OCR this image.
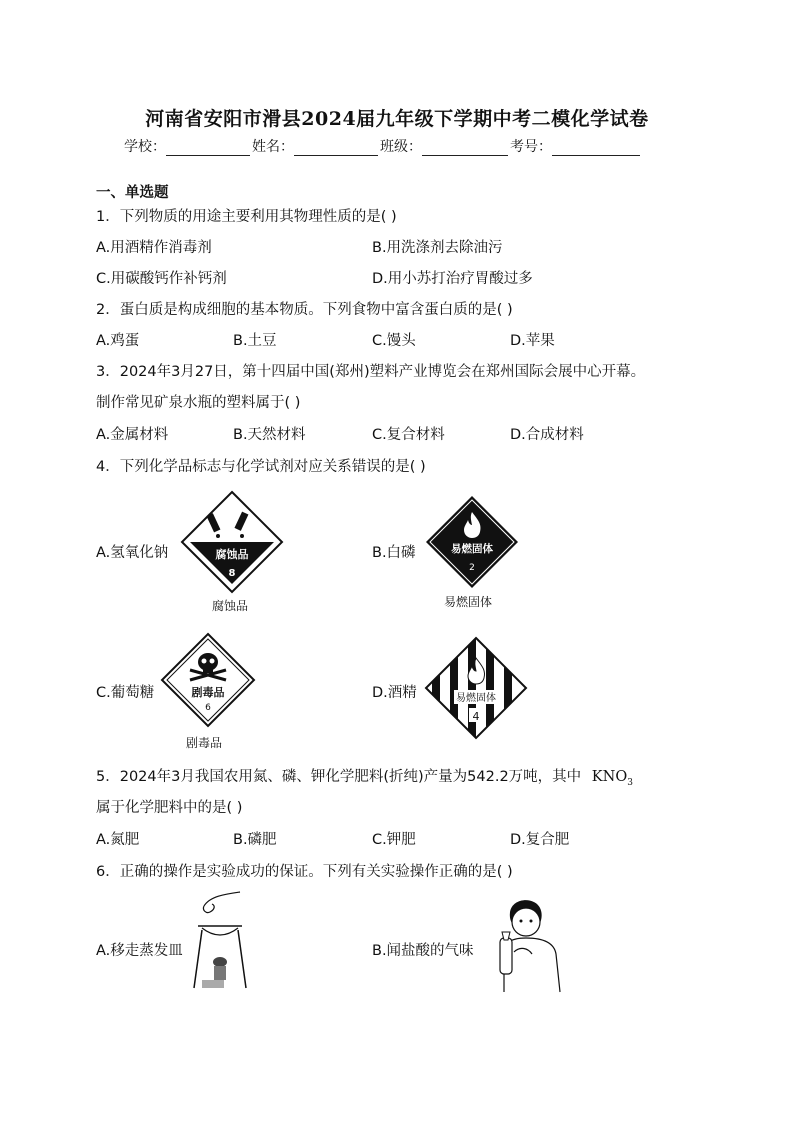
河南省安阳市滑县2024届九年级下学期中考二模化学试卷
学校：	姓名：	班级：	考号：
一、单选题
1．下列物质的用途主要利用其物理性质的是( )
A.用酒精作消毒剂	B.用洗涤剂去除油污
C.用碳酸钙作补钙剂	D.用小苏打治疗胃酸过多
2．蛋白质是构成细胞的基本物质。下列食物中富含蛋白质的是( )
A.鸡蛋	B.土豆	C.馒头	D.苹果
3．2024年3月27日，第十四届中国(郑州)塑料产业博览会在郑州国际会展中心开幕。
制作常见矿泉水瓶的塑料属于( )
A.金属材料	B.天然材料	C.复合材料	D.合成材料
4．下列化学品标志与化学试剂对应关系错误的是( )
A.氢氧化钠	腐蚀品
8
腐蚀品
B.白磷	易燃固体
2
易燃固体
C.葡萄糖	剧毒品
6
剧毒品
D.酒精	易燃固体
4
5．2024年3月我国农用氮、磷、钾化学肥料(折纯)产量为542.2万吨，其中 $KNO_3$
属于化学肥料中的是( )
A.氮肥	B.磷肥	C.钾肥	D.复合肥
6．正确的操作是实验成功的保证。下列有关实验操作正确的是( )
A.移走蒸发皿	B.闻盐酸的气味
